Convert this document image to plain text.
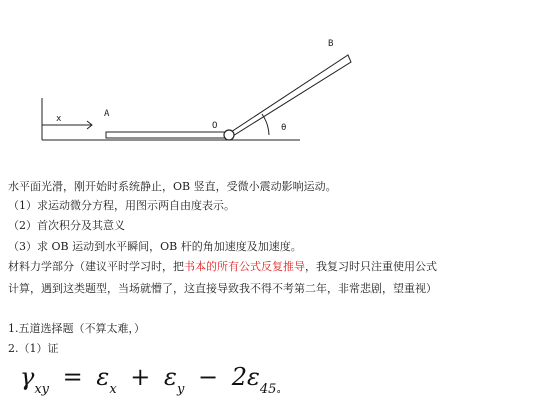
x	A
O
B
θ
水平面光滑，刚开始时系统静止，OB 竖直，受微小震动影响运动。
（1）求运动微分方程，用图示两自由度表示。
（2）首次积分及其意义
（3）求 OB 运动到水平瞬间，OB 杆的角加速度及加速度。
材料力学部分（建议平时学习时，把书本的所有公式反复推导，我复习时只注重使用公式
计算，遇到这类题型，当场就懵了，这直接导致我不得不考第二年，非常悲剧，望重视）
1.五道选择题（不算太难，）
2.（1）证
$\gamma_{xy} = \varepsilon_x + \varepsilon_y - 2\varepsilon_{45^\circ}$
